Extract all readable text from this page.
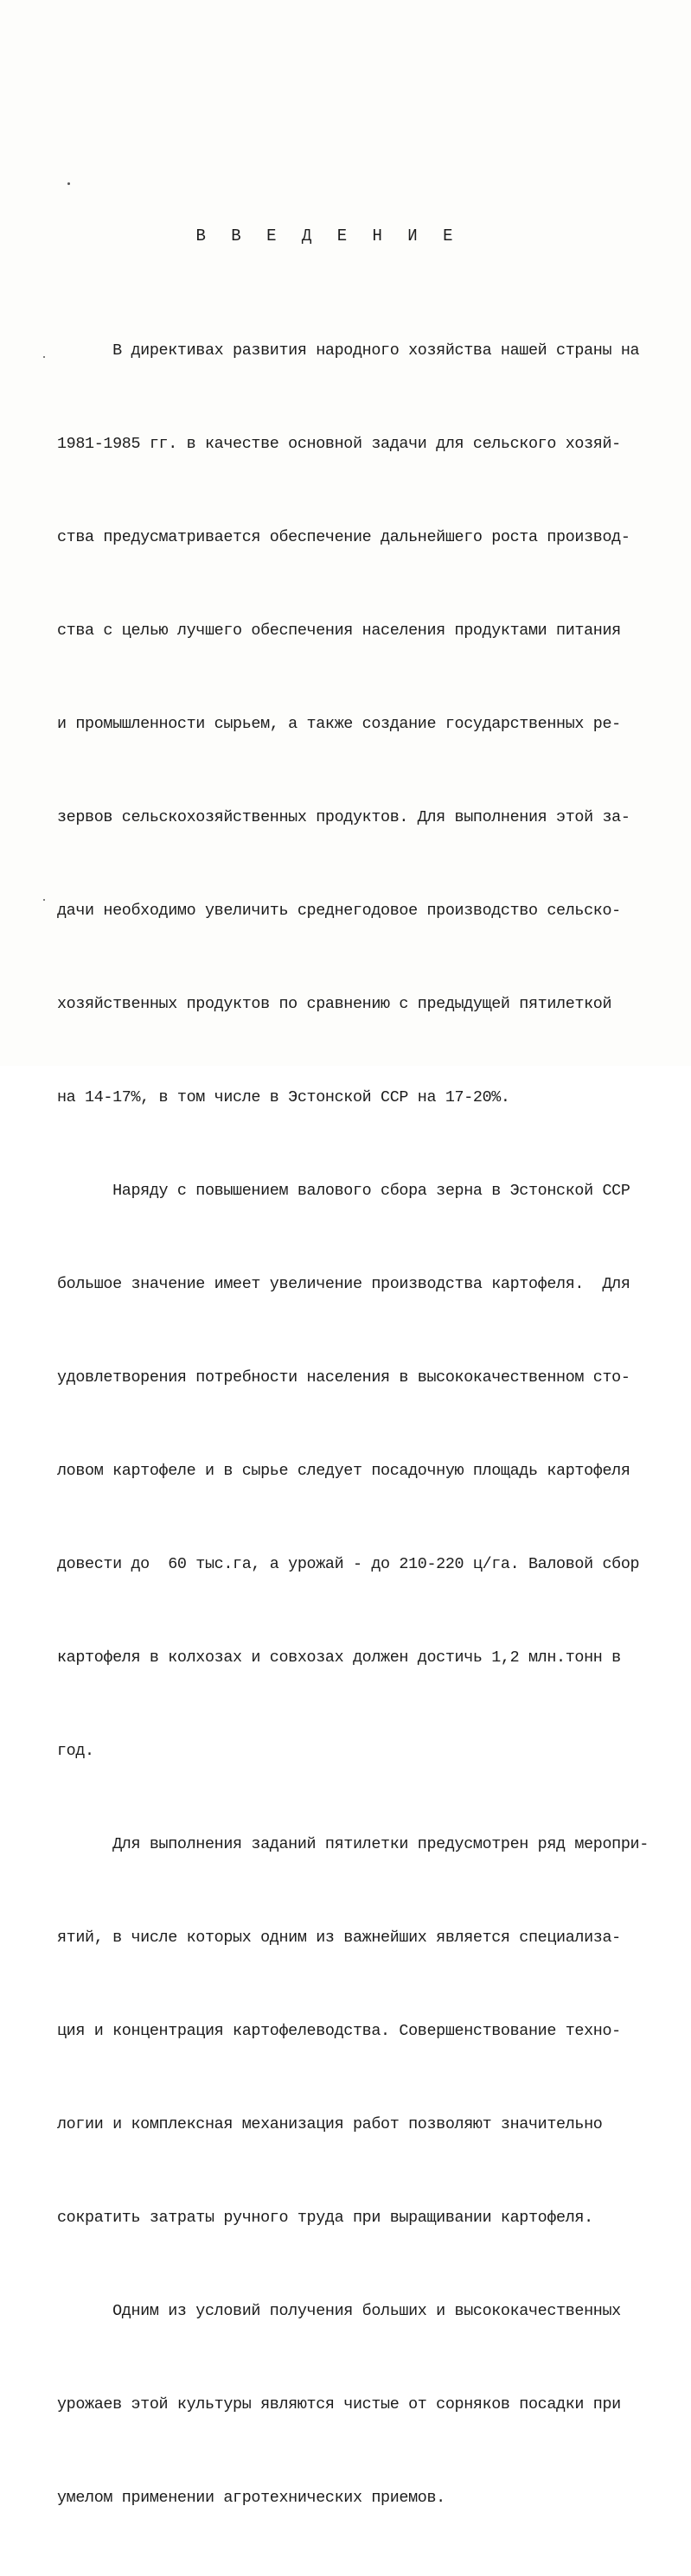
В В Е Д Е Н И Е

В директивах развития народного хозяйства нашей страны на

1981-1985 гг. в качестве основной задачи для сельского хозяй-

ства предусматривается обеспечение дальнейшего роста производ-

ства с целью лучшего обеспечения населения продуктами питания

и промышленности сырьем, а также создание государственных ре-

зервов сельскохозяйственных продуктов. Для выполнения этой за-

дачи необходимо увеличить среднегодовое производство сельско-

хозяйственных продуктов по сравнению с предыдущей пятилеткой

на 14-17%, в том числе в Эстонской ССР на 17-20%.

Наряду с повышением валового сбора зерна в Эстонской ССР

большое значение имеет увеличение производства картофеля.  Для

удовлетворения потребности населения в высококачественном сто-

ловом картофеле и в сырье следует посадочную площадь картофеля

довести до  60 тыс.га, а урожай - до 210-220 ц/га. Валовой сбор

картофеля в колхозах и совхозах должен достичь 1,2 млн.тонн в

год.

Для выполнения заданий пятилетки предусмотрен ряд меропри-

ятий, в числе которых одним из важнейших является специализа-

ция и концентрация картофелеводства. Совершенствование техно-

логии и комплексная механизация работ позволяют значительно

сократить затраты ручного труда при выращивании картофеля.

Одним из условий получения больших и высококачественных

урожаев этой культуры являются чистые от сорняков посадки при

умелом применении агротехнических приемов.
